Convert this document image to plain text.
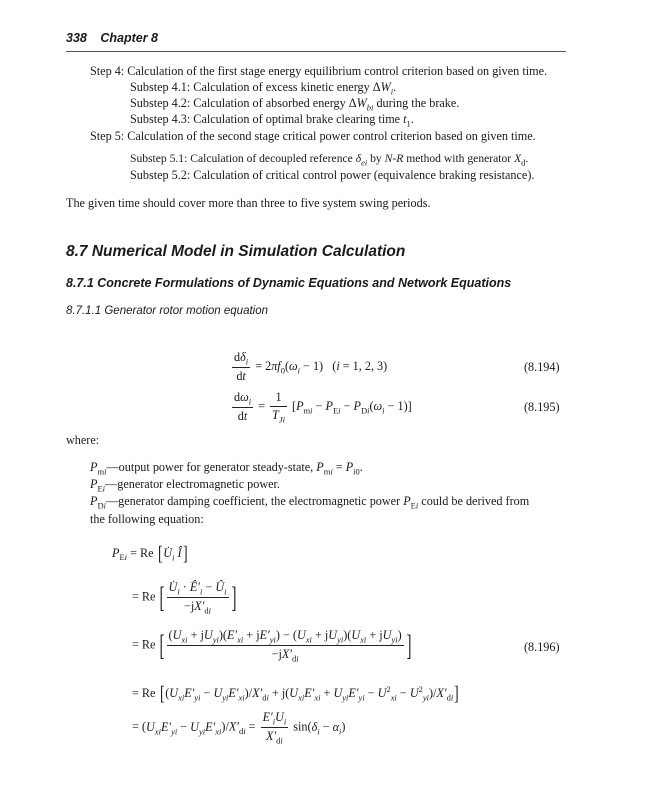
338 Chapter 8
Step 4: Calculation of the first stage energy equilibrium control criterion based on given time.
Substep 4.1: Calculation of excess kinetic energy $\Delta W_i$.
Substep 4.2: Calculation of absorbed energy $\Delta W_{bi}$ during the brake.
Substep 4.3: Calculation of optimal brake clearing time $t_1$.
Step 5: Calculation of the second stage critical power control criterion based on given time.
Substep 5.1: Calculation of decoupled reference $\delta_{ei}$ by N-R method with generator $X_d$.
Substep 5.2: Calculation of critical control power (equivalence braking resistance).
The given time should cover more than three to five system swing periods.
8.7 Numerical Model in Simulation Calculation
8.7.1 Concrete Formulations of Dynamic Equations and Network Equations
8.7.1.1 Generator rotor motion equation
$\frac{d\delta_i}{dt} = 2\pi f_0(\omega_i - 1) (i = 1$, 2, 3)	(8.194)
$\frac{d\omega_i}{dt} = \frac{1}{T_{Ji}} [P_{mi} - P_{Ei} - P_{Di}(\omega_i - 1)]$	(8.195)
where:
$P_{mi}—output$ power for generator steady-state, $P_{mi} = P_{i0}$.
$P_{Ei}—generator$ electromagnetic power.
$P_{Di}—generator$ damping coefficient, the electromagnetic power $P_{Ei}$ could be derived from
the following equation:
$P_{Ei} = Re$ [$U̇_i$ Î]
= Re [ $\frac{U̇_i \cdot Ê'_i - Û_i}{-jX'_{di}}$ ]
= Re [ $\frac{(U_{xi} + jU_{yi})(E'_{xi} + jE'_{yi}) - (U_{xi} + jU_{yi})(U_{xi} + jU_{yi})}{-jX'_{di}}$ ]	(8.196)
= Re $[(U_{xi}E'_{yi} - U_{yi}E'_{xi})/X'_{di} + j(U_{xi}E'_{xi} + U_{yi}E'_{yi} - U^2_{xi} - U^2_{yi})/X'_{di}]$
= $(U_{xi}E'_{yi} - U_{yi}E'_{xi})/X'_{di} = \frac{E'_iU_i}{X'_{di}} \sin(\delta_i - \alpha_i)$
